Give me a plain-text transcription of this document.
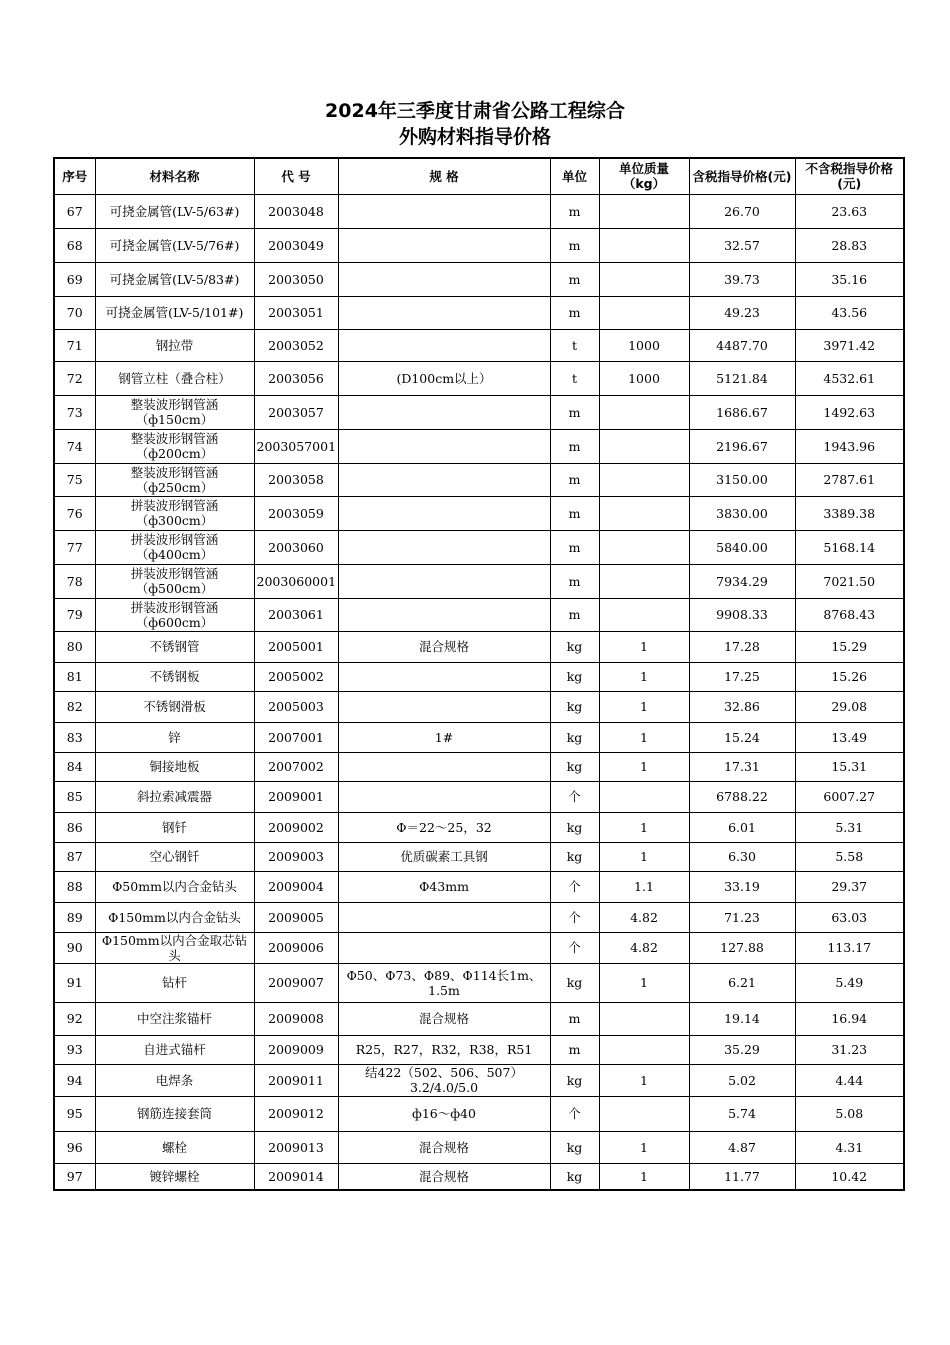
2024年三季度甘肃省公路工程综合
外购材料指导价格
序号	材料名称	代 号	规 格	单位	单位质量（kg）	含税指导价格(元)	不含税指导价格(元)
67	可挠金属管(LV-5/63#)	2003048		m		26.70	23.63
68	可挠金属管(LV-5/76#)	2003049		m		32.57	28.83
69	可挠金属管(LV-5/83#)	2003050		m		39.73	35.16
70	可挠金属管(LV-5/101#)	2003051		m		49.23	43.56
71	钢拉带	2003052		t	1000	4487.70	3971.42
72	钢管立柱（叠合柱）	2003056	(D100cm以上）	t	1000	5121.84	4532.61
73	整装波形钢管涵（ф150cm）	2003057		m		1686.67	1492.63
74	整装波形钢管涵（ф200cm）	2003057001		m		2196.67	1943.96
75	整装波形钢管涵（ф250cm）	2003058		m		3150.00	2787.61
76	拼装波形钢管涵（ф300cm）	2003059		m		3830.00	3389.38
77	拼装波形钢管涵（ф400cm）	2003060		m		5840.00	5168.14
78	拼装波形钢管涵（ф500cm）	2003060001		m		7934.29	7021.50
79	拼装波形钢管涵（ф600cm）	2003061		m		9908.33	8768.43
80	不锈钢管	2005001	混合规格	kg	1	17.28	15.29
81	不锈钢板	2005002		kg	1	17.25	15.26
82	不锈钢滑板	2005003		kg	1	32.86	29.08
83	锌	2007001	1#	kg	1	15.24	13.49
84	铜接地板	2007002		kg	1	17.31	15.31
85	斜拉索减震器	2009001		个		6788.22	6007.27
86	钢钎	2009002	Φ＝22～25，32	kg	1	6.01	5.31
87	空心钢钎	2009003	优质碳素工具钢	kg	1	6.30	5.58
88	Φ50mm以内合金钻头	2009004	Φ43mm	个	1.1	33.19	29.37
89	Φ150mm以内合金钻头	2009005		个	4.82	71.23	63.03
90	Φ150mm以内合金取芯钻头	2009006		个	4.82	127.88	113.17
91	钻杆	2009007	Φ50、Φ73、Φ89、Φ114长1m、1.5m	kg	1	6.21	5.49
92	中空注浆锚杆	2009008	混合规格	m		19.14	16.94
93	自进式锚杆	2009009	R25，R27，R32，R38，R51	m		35.29	31.23
94	电焊条	2009011	结422（502、506、507）3.2/4.0/5.0	kg	1	5.02	4.44
95	钢筋连接套筒	2009012	ф16～ф40	个		5.74	5.08
96	螺栓	2009013	混合规格	kg	1	4.87	4.31
97	镀锌螺栓	2009014	混合规格	kg	1	11.77	10.42
